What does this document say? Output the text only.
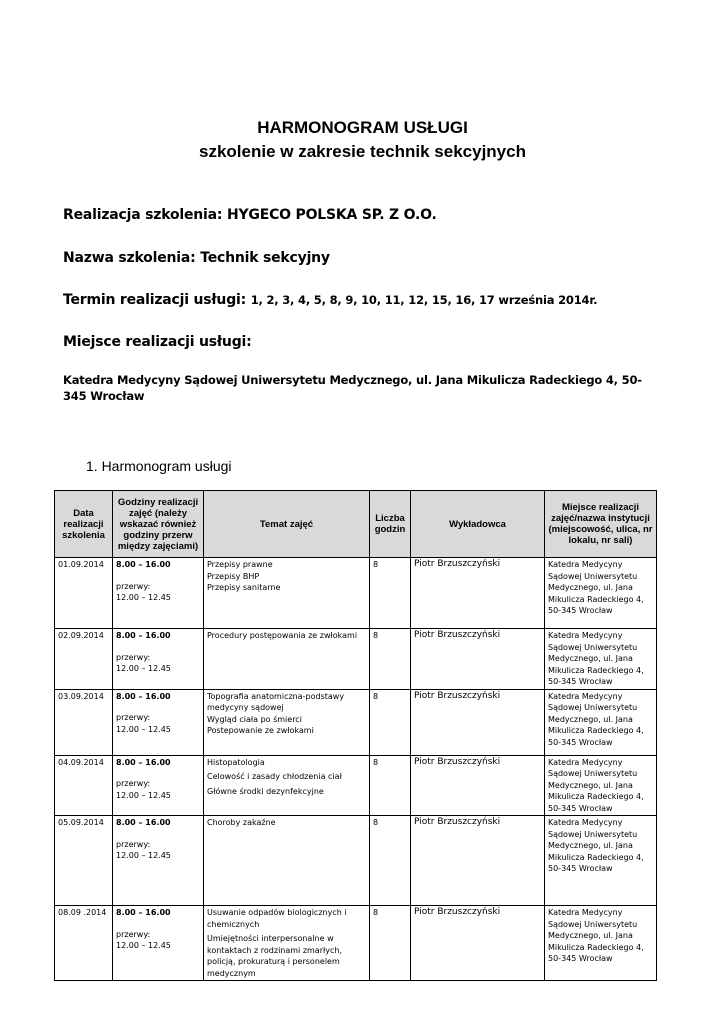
HARMONOGRAM USŁUGI
szkolenie w zakresie technik sekcyjnych
Realizacja szkolenia: HYGECO POLSKA SP. Z O.O.
Nazwa szkolenia: Technik sekcyjny
Termin realizacji usługi: 1, 2, 3, 4, 5, 8, 9, 10, 11, 12, 15, 16, 17 września 2014r.
Miejsce realizacji usługi:
Katedra Medycyny Sądowej Uniwersytetu Medycznego, ul. Jana Mikulicza Radeckiego 4, 50-345 Wrocław
1. Harmonogram usługi
Data realizacji szkolenia	Godziny realizacji zajęć (należy wskazać również godziny przerw między zajęciami)	Temat zajęć	Liczba godzin	Wykładowca	Miejsce realizacji zajęć/nazwa instytucji (miejscowość, ulica, nr lokalu, nr sali)
01.09.2014	8.00 – 16.00
przerwy:
12.00 – 12.45	Przepisy prawne
Przepisy BHP
Przepisy sanitarne	8	Piotr Brzuszczyński	Katedra Medycyny Sądowej Uniwersytetu Medycznego, ul. Jana Mikulicza Radeckiego 4, 50-345 Wrocław
02.09.2014	8.00 – 16.00
przerwy:
12.00 – 12.45	Procedury postępowania ze zwłokami	8	Piotr Brzuszczyński	Katedra Medycyny Sądowej Uniwersytetu Medycznego, ul. Jana Mikulicza Radeckiego 4, 50-345 Wrocław
03.09.2014	8.00 – 16.00
przerwy:
12.00 – 12.45	Topografia anatomiczna-podstawy medycyny sądowej
Wygląd ciała po śmierci
Postepowanie ze zwłokami	8	Piotr Brzuszczyński	Katedra Medycyny Sądowej Uniwersytetu Medycznego, ul. Jana Mikulicza Radeckiego 4, 50-345 Wrocław
04.09.2014	8.00 – 16.00
przerwy:
12.00 – 12.45	Histopatologia
Celowość i zasady chłodzenia ciał
Główne środki dezynfekcyjne	8	Piotr Brzuszczyński	Katedra Medycyny Sądowej Uniwersytetu Medycznego, ul. Jana Mikulicza Radeckiego 4, 50-345 Wrocław
05.09.2014	8.00 – 16.00
przerwy:
12.00 – 12.45	Choroby zakaźne	8	Piotr Brzuszczyński	Katedra Medycyny Sądowej Uniwersytetu Medycznego, ul. Jana Mikulicza Radeckiego 4, 50-345 Wrocław
08.09 .2014	8.00 – 16.00
przerwy:
12.00 – 12.45	Usuwanie odpadów biologicznych i chemicznych
Umiejętności interpersonalne w kontaktach z rodzinami zmarłych, policją, prokuraturą i personelem medycznym	8	Piotr Brzuszczyński	Katedra Medycyny Sądowej Uniwersytetu Medycznego, ul. Jana Mikulicza Radeckiego 4, 50-345 Wrocław
